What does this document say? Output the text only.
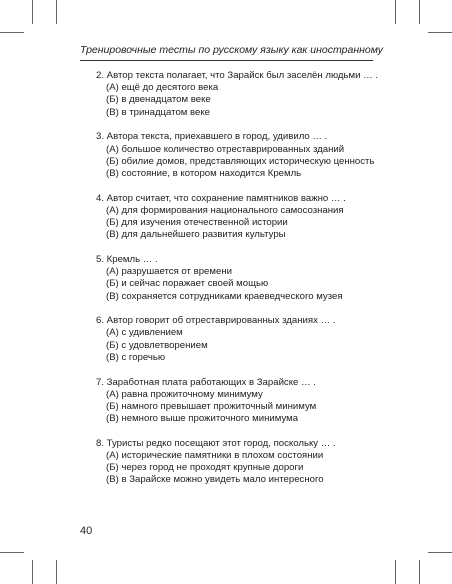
Тренировочные тесты по русскому языку как иностранному
2. Автор текста полагает, что Зарайск был заселён людьми … .
(А) ещё до десятого века
(Б) в двенадцатом веке
(В) в тринадцатом веке
3. Автора текста, приехавшего в город, удивило … .
(А) большое количество отреставрированных зданий
(Б) обилие домов, представляющих историческую ценность
(В) состояние, в котором находится Кремль
4. Автор считает, что сохранение памятников важно … .
(А) для формирования национального самосознания
(Б) для изучения отечественной истории
(В) для дальнейшего развития культуры
5. Кремль … .
(А) разрушается от времени
(Б) и сейчас поражает своей мощью
(В) сохраняется сотрудниками краеведческого музея
6. Автор говорит об отреставрированных зданиях … .
(А) с удивлением
(Б) с удовлетворением
(В) с горечью
7. Заработная плата работающих в Зарайске … .
(А) равна прожиточному минимуму
(Б) намного превышает прожиточный минимум
(В) немного выше прожиточного минимума
8. Туристы редко посещают этот город, поскольку … .
(А) исторические памятники в плохом состоянии
(Б) через город не проходят крупные дороги
(В) в Зарайске можно увидеть мало интересного
40
